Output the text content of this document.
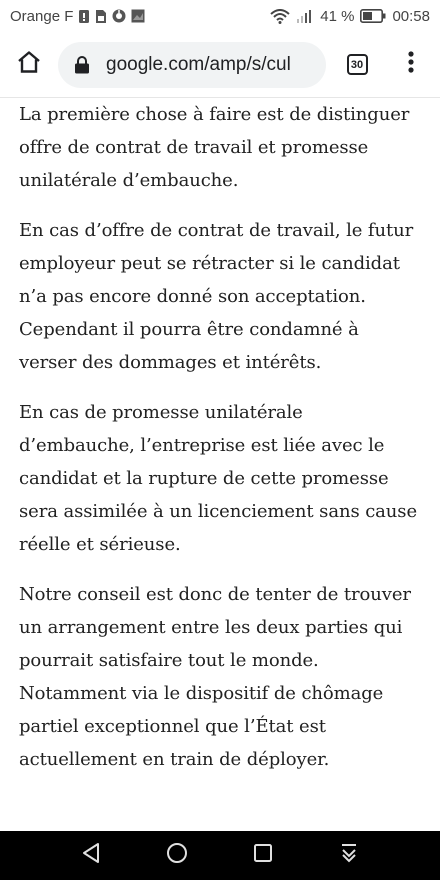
Orange F	41 %	00:58
google.com/amp/s/cul	30

La première chose à faire est de distinguer offre de contrat de travail et promesse unilatérale d’embauche.

En cas d’offre de contrat de travail, le futur employeur peut se rétracter si le candidat n’a pas encore donné son acceptation. Cependant il pourra être condamné à verser des dommages et intérêts.

En cas de promesse unilatérale d’embauche, l’entreprise est liée avec le candidat et la rupture de cette promesse sera assimilée à un licenciement sans cause réelle et sérieuse.

Notre conseil est donc de tenter de trouver un arrangement entre les deux parties qui pourrait satisfaire tout le monde. Notamment via le dispositif de chômage partiel exceptionnel que l’État est actuellement en train de déployer.
